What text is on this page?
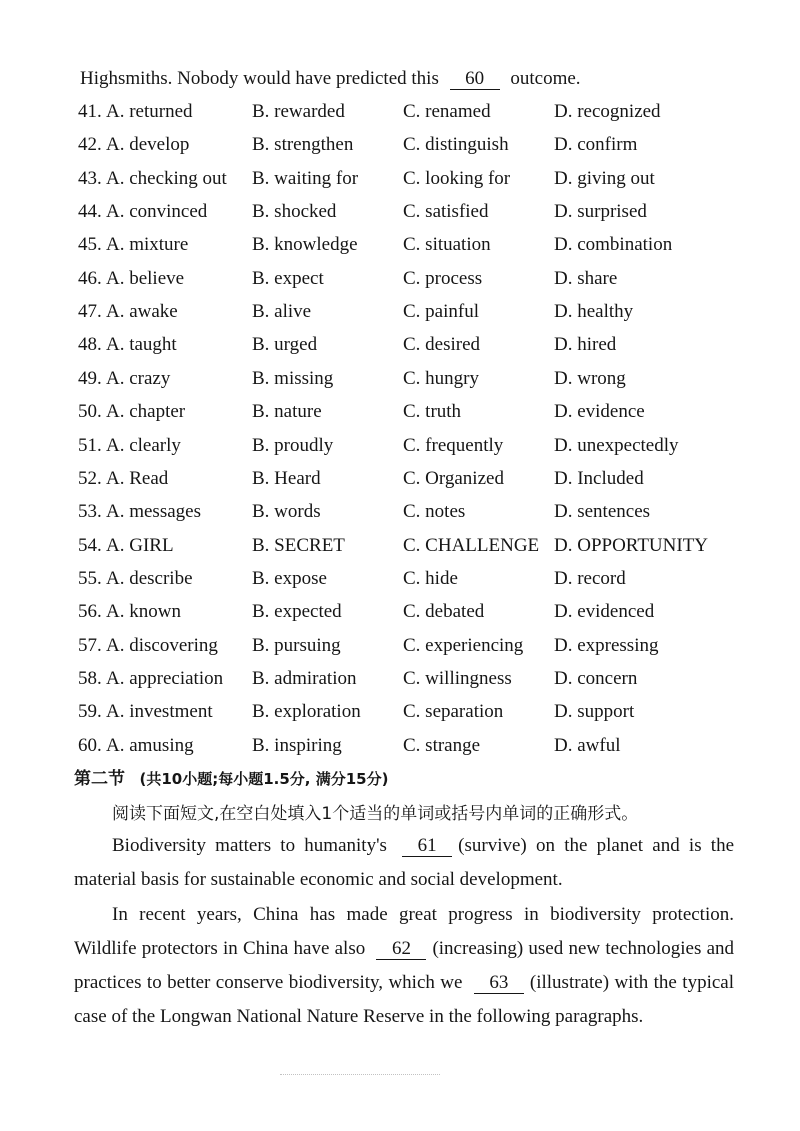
Highsmiths. Nobody would have predicted this 60 outcome.
41. A. returned	B. rewarded	C. renamed	D. recognized
42. A. develop	B. strengthen	C. distinguish D. confirm
43. A. checking out B. waiting for C. looking for D. giving out
44. A. convinced B. shocked	C. satisfied	D. surprised
45. A. mixture	B. knowledge C. situation	D. combination
46. A. believe	B. expect	C. process	D. share
47. A. awake	B. alive	C. painful	D. healthy
48. A. taught	B. urged	C. desired	D. hired
49. A. crazy	B. missing	C. hungry	D. wrong
50. A. chapter	B. nature	C. truth	D. evidence
51. A. clearly	B. proudly	C. frequently	D. unexpectedly
52. A. Read	B. Heard	C. Organized	D. Included
53. A. messages	B. words	C. notes	D. sentences
54. A. GIRL	B. SECRET	C. CHALLENGE D. OPPORTUNITY
55. A. describe	B. expose	C. hide	D. record
56. A. known	B. expected	C. debated	D. evidenced
57. A. discovering B. pursuing	C. experiencing D. expressing
58. A. appreciation B. admiration C. willingness D. concern
59. A. investment B. exploration C. separation	D. support
60. A. amusing	B. inspiring	C. strange	D. awful
第二节 (共10小题;每小题1.5分, 满分15分)
阅读下面短文,在空白处填入1个适当的单词或括号内单词的正确形式。
Biodiversity matters to humanity's 61 (survive) on the planet and is the material basis for sustainable economic and social development.
In recent years, China has made great progress in biodiversity protection. Wildlife protectors in China have also 62 (increasing) used new technologies and practices to better conserve biodiversity, which we 63 (illustrate) with the typical case of the Longwan National Nature Reserve in the following paragraphs.
